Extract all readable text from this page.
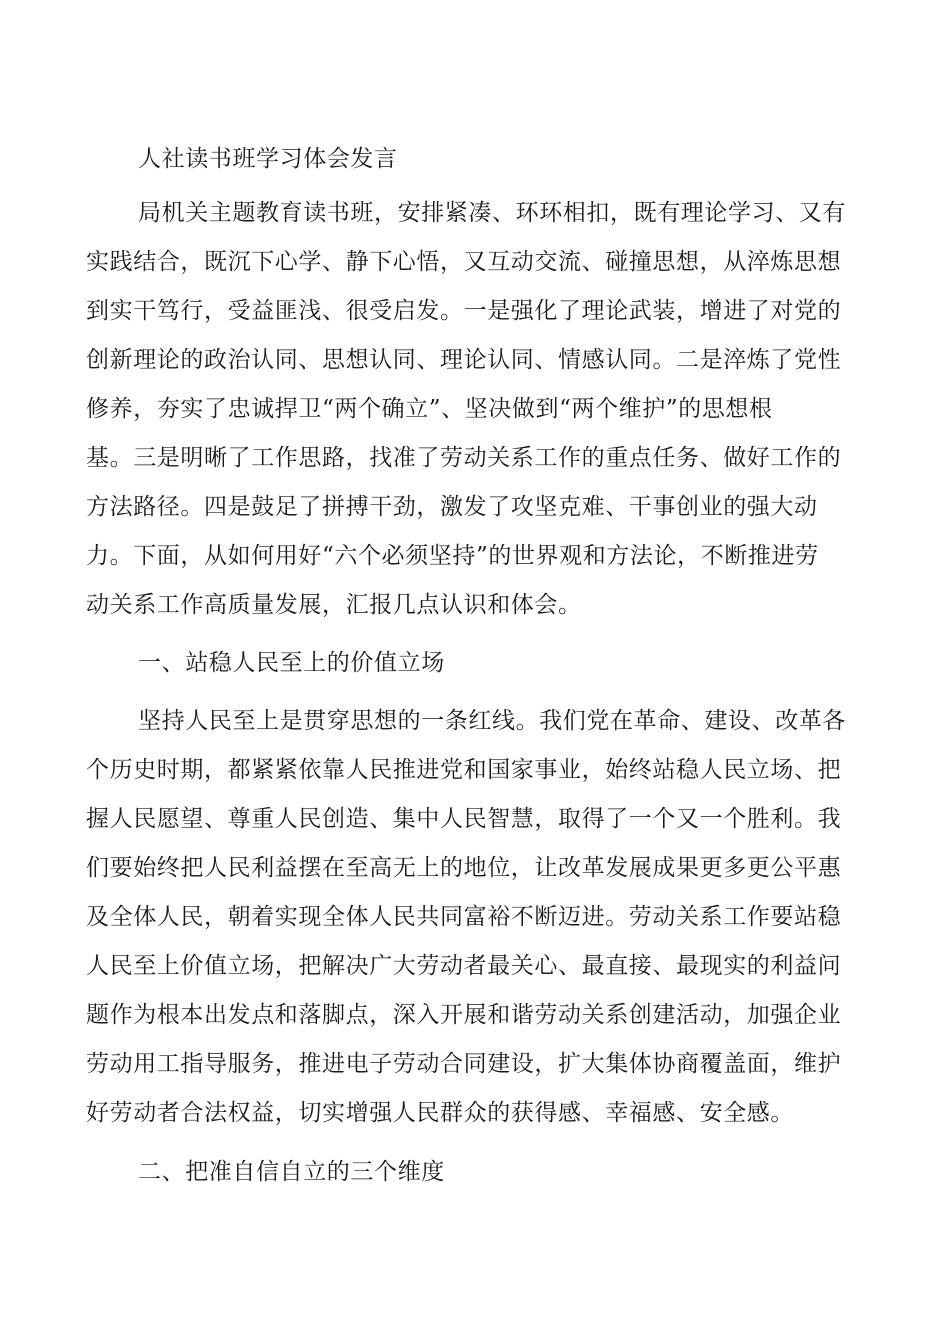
人社读书班学习体会发言
局机关主题教育读书班，安排紧凑、环环相扣，既有理论学习、又有
实践结合，既沉下心学、静下心悟，又互动交流、碰撞思想，从淬炼思想
到实干笃行，受益匪浅、很受启发。一是强化了理论武装，增进了对党的
创新理论的政治认同、思想认同、理论认同、情感认同。二是淬炼了党性
修养，夯实了忠诚捍卫“两个确立”、坚决做到“两个维护”的思想根
基。三是明晰了工作思路，找准了劳动关系工作的重点任务、做好工作的
方法路径。四是鼓足了拼搏干劲，激发了攻坚克难、干事创业的强大动
力。下面，从如何用好“六个必须坚持”的世界观和方法论，不断推进劳
动关系工作高质量发展，汇报几点认识和体会。
一、站稳人民至上的价值立场
坚持人民至上是贯穿思想的一条红线。我们党在革命、建设、改革各
个历史时期，都紧紧依靠人民推进党和国家事业，始终站稳人民立场、把
握人民愿望、尊重人民创造、集中人民智慧，取得了一个又一个胜利。我
们要始终把人民利益摆在至高无上的地位，让改革发展成果更多更公平惠
及全体人民，朝着实现全体人民共同富裕不断迈进。劳动关系工作要站稳
人民至上价值立场，把解决广大劳动者最关心、最直接、最现实的利益问
题作为根本出发点和落脚点，深入开展和谐劳动关系创建活动，加强企业
劳动用工指导服务，推进电子劳动合同建设，扩大集体协商覆盖面，维护
好劳动者合法权益，切实增强人民群众的获得感、幸福感、安全感。
二、把准自信自立的三个维度
